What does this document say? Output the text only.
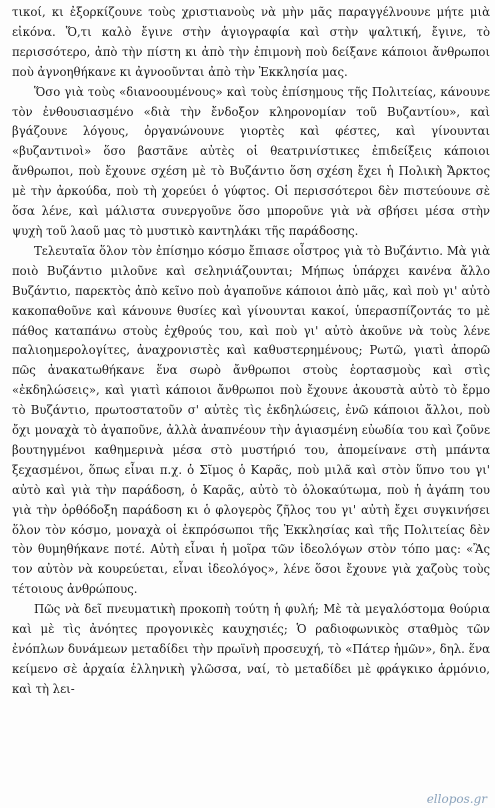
τικοί, κι ἐξορκίζουνε τοὺς χριστιανοὺς νὰ μὴν μᾶς παραγγέλνουνε μήτε μιὰ εἰκόνα. Ὅ,τι καλὸ ἔγινε στὴν ἁγιογραφία καὶ στὴν ψαλτική, ἔγινε, τὸ περισσότερο, ἀπὸ τὴν πίστη κι ἀπὸ τὴν ἐπιμονὴ ποὺ δείξανε κάποιοι ἄνθρωποι ποὺ ἀγνοηθήκανε κι ἀγνοοῦνται ἀπὸ τὴν Ἐκκλησία μας.

Ὅσο γιὰ τοὺς «διανοουμένους» καὶ τοὺς ἐπίσημους τῆς Πολιτείας, κάνουνε τὸν ἐνθουσιασμένο «διὰ τὴν ἔνδοξον κληρονομίαν τοῦ Βυζαντίου», καὶ βγάζουνε λόγους, ὀργανώνουνε γιορτὲς καὶ φέστες, καὶ γίνουνται «βυζαντινοὶ» ὅσο βαστᾶνε αὐτὲς οἱ θεατρινίστικες ἐπιδείξεις κάποιοι ἄνθρωποι, ποὺ ἔχουνε σχέση μὲ τὸ Βυζάντιο ὅση σχέση ἔχει ἡ Πολικὴ Ἄρκτος μὲ τὴν ἀρκούδα, ποὺ τὴ χορεύει ὁ γύφτος. Οἱ περισσότεροι δὲν πιστεύουνε σὲ ὅσα λένε, καὶ μάλιστα συνεργοῦνε ὅσο μποροῦνε γιὰ νὰ σβήσει μέσα στὴν ψυχὴ τοῦ λαοῦ μας τὸ μυστικὸ καντηλάκι τῆς παράδοσης.

Τελευταῖα ὅλον τὸν ἐπίσημο κόσμο ἔπιασε οἶστρος γιὰ τὸ Βυζάντιο. Μὰ γιὰ ποιὸ Βυζάντιο μιλοῦνε καὶ σεληνιάζουνται; Μήπως ὑπάρχει κανένα ἄλλο Βυζάντιο, παρεκτὸς ἀπὸ κεῖνο ποὺ ἀγαποῦνε κάποιοι ἀπὸ μᾶς, καὶ ποὺ γι' αὐτὸ κακοπαθοῦνε καὶ κάνουνε θυσίες καὶ γίνουνται κακοί, ὑπερασπίζοντάς το μὲ πάθος καταπάνω στοὺς ἐχθρούς του, καὶ ποὺ γι' αὐτὸ ἀκοῦνε νὰ τοὺς λένε παλιοημερολογίτες, ἀναχρονιστὲς καὶ καθυστερημένους; Ρωτῶ, γιατὶ ἀπορῶ πῶς ἀνακατωθήκανε ἕνα σωρὸ ἄνθρωποι στοὺς ἑορτασμοὺς καὶ στὶς «ἐκδηλώσεις», καὶ γιατὶ κάποιοι ἄνθρωποι ποὺ ἔχουνε ἀκουστὰ αὐτὸ τὸ ἔρμο τὸ Βυζάντιο, πρωτοστατοῦν σ' αὐτὲς τὶς ἐκδηλώσεις, ἐνῶ κάποιοι ἄλλοι, ποὺ ὄχι μοναχὰ τὸ ἀγαποῦνε, ἀλλὰ ἀναπνέουν τὴν ἁγιασμένη εὐωδία του καὶ ζοῦνε βουτηγμένοι καθημερινὰ μέσα στὸ μυστήριό του, ἀπομείνανε στὴ μπάντα ξεχασμένοι, ὅπως εἶναι π.χ. ὁ Σῖμος ὁ Καρᾶς, ποὺ μιλᾶ καὶ στὸν ὕπνο του γι' αὐτὸ καὶ γιὰ τὴν παράδοση, ὁ Καρᾶς, αὐτὸ τὸ ὁλοκαύτωμα, ποὺ ἡ ἀγάπη του γιὰ τὴν ὀρθόδοξη παράδοση κι ὁ φλογερὸς ζῆλος του γι' αὐτὴ ἔχει συγκινήσει ὅλον τὸν κόσμο, μοναχὰ οἱ ἐκπρόσωποι τῆς Ἐκκλησίας καὶ τῆς Πολιτείας δὲν τὸν θυμηθήκανε ποτέ. Αὐτὴ εἶναι ἡ μοῖρα τῶν ἰδεολόγων στὸν τόπο μας: «Ἂς τον αὐτὸν νὰ κουρεύεται, εἶναι ἰδεολόγος», λένε ὅσοι ἔχουνε γιὰ χαζοὺς τοὺς τέτοιους ἀνθρώπους.

Πῶς νὰ δεῖ πνευματικὴ προκοπὴ τούτη ἡ φυλή; Μὲ τὰ μεγαλόστομα θούρια καὶ μὲ τὶς ἀνόητες προγονικὲς καυχησιές; Ὁ ραδιοφωνικὸς σταθμὸς τῶν ἐνόπλων δυνάμεων μεταδίδει τὴν πρωϊνὴ προσευχή, τὸ «Πάτερ ἡμῶν», δηλ. ἕνα κείμενο σὲ ἀρχαία ἑλληνικὴ γλῶσσα, ναί, τὸ μεταδίδει μὲ φράγκικο ἁρμόνιο, καὶ τὴ λει-

ellopos.gr
